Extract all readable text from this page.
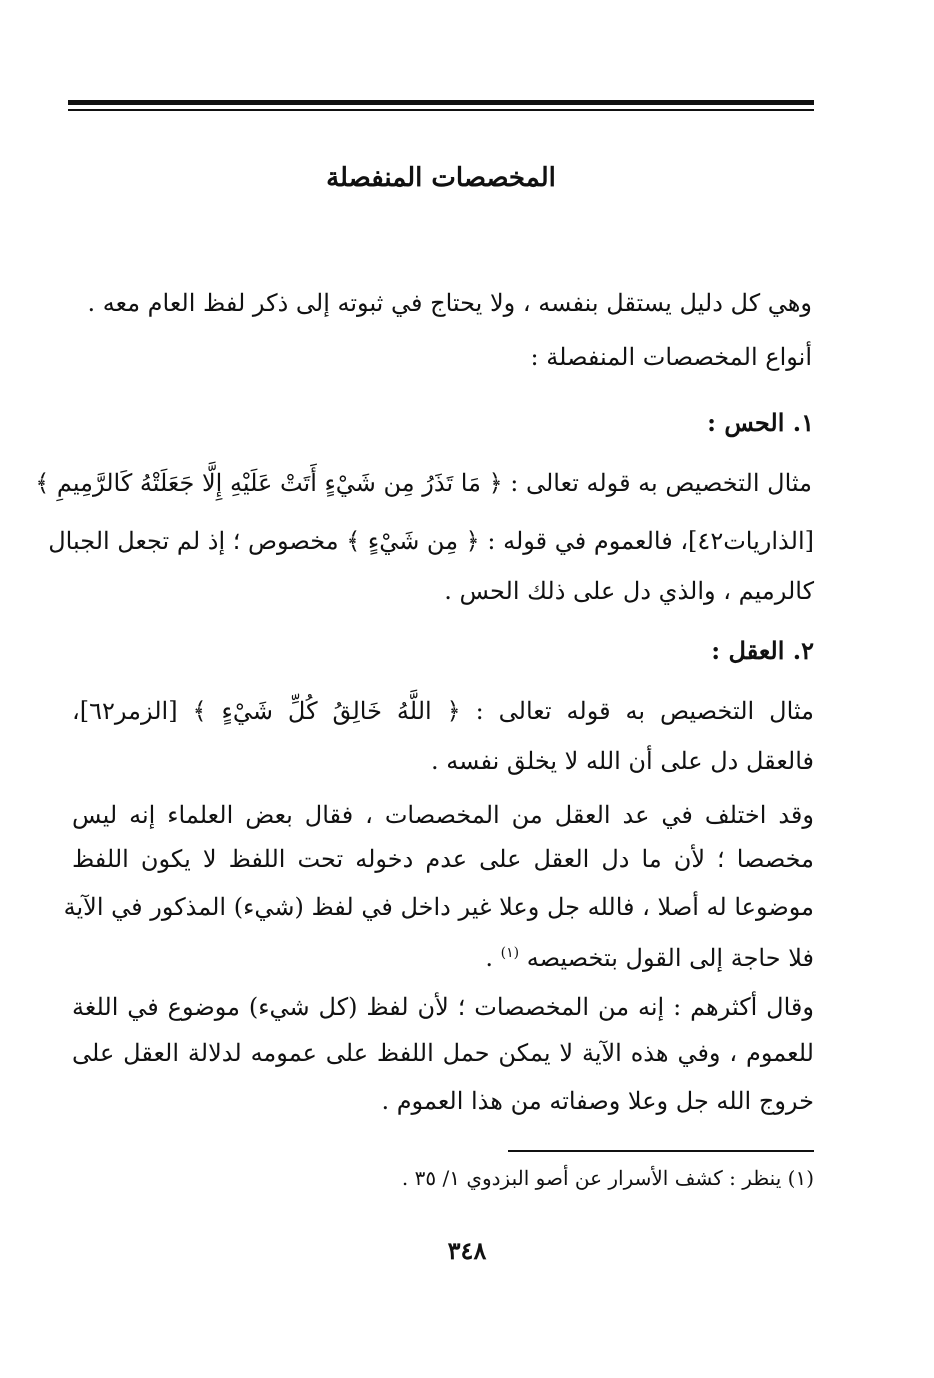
المخصصات المنفصلة
وهي كل دليل يستقل بنفسه ، ولا يحتاج في ثبوته إلى ذكر لفظ العام معه .
أنواع المخصصات المنفصلة :
١. الحس :
مثال التخصيص به قوله تعالى : ﴿ مَا تَذَرُ مِن شَيْءٍ أَتَتْ عَلَيْهِ إِلَّا جَعَلَتْهُ كَالرَّمِيمِ ﴾
[الذاريات٤٢]، فالعموم في قوله : ﴿ مِن شَيْءٍ ﴾ مخصوص ؛ إذ لم تجعل الجبال
كالرميم ، والذي دل على ذلك الحس .
٢. العقل :
مثال التخصيص به قوله تعالى : ﴿ اللَّهُ خَالِقُ كُلِّ شَيْءٍ ﴾ [الزمر٦٢]،
فالعقل دل على أن الله لا يخلق نفسه .
وقد اختلف في عد العقل من المخصصات ، فقال بعض العلماء إنه ليس
مخصصا ؛ لأن ما دل العقل على عدم دخوله تحت اللفظ لا يكون اللفظ
موضوعا له أصلا ، فالله جل وعلا غير داخل في لفظ (شيء) المذكور في الآية
فلا حاجة إلى القول بتخصيصه $^{(١)}$ .
وقال أكثرهم : إنه من المخصصات ؛ لأن لفظ (كل شيء) موضوع في اللغة
للعموم ، وفي هذه الآية لا يمكن حمل اللفظ على عمومه لدلالة العقل على
خروج الله جل وعلا وصفاته من هذا العموم .
(١) ينظر : كشف الأسرار عن أصو البزدوي ١/ ٣٥ .
٣٤٨
